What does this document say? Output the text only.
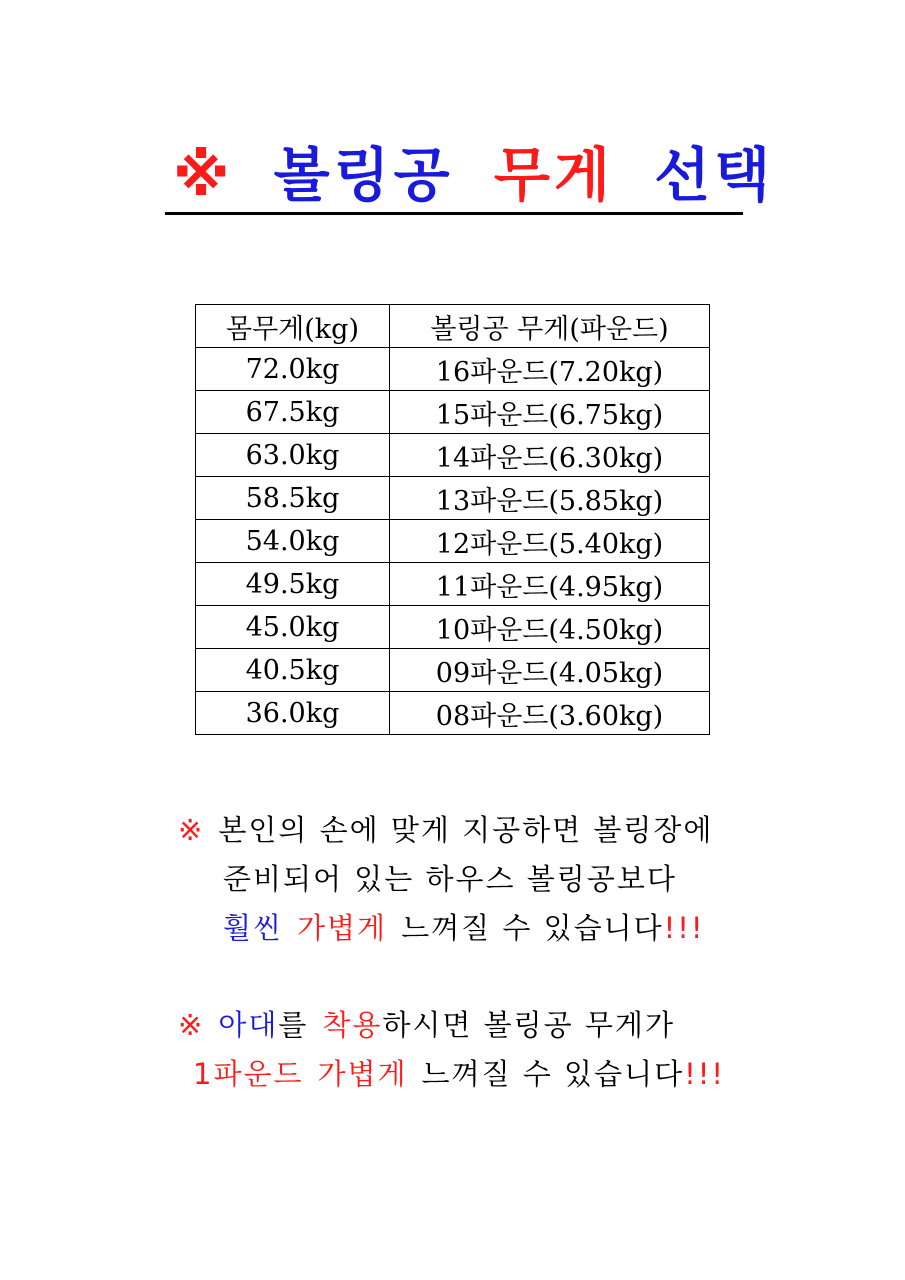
※ 볼링공 무게 선택
몸무게(kg)	볼링공 무게(파운드)
72.0kg	16파운드(7.20kg)
67.5kg	15파운드(6.75kg)
63.0kg	14파운드(6.30kg)
58.5kg	13파운드(5.85kg)
54.0kg	12파운드(5.40kg)
49.5kg	11파운드(4.95kg)
45.0kg	10파운드(4.50kg)
40.5kg	09파운드(4.05kg)
36.0kg	08파운드(3.60kg)
※ 본인의 손에 맞게 지공하면 볼링장에
준비되어 있는 하우스 볼링공보다
훨씬 가볍게 느껴질 수 있습니다!!!
※ 아대를 착용하시면 볼링공 무게가
1파운드 가볍게 느껴질 수 있습니다!!!
